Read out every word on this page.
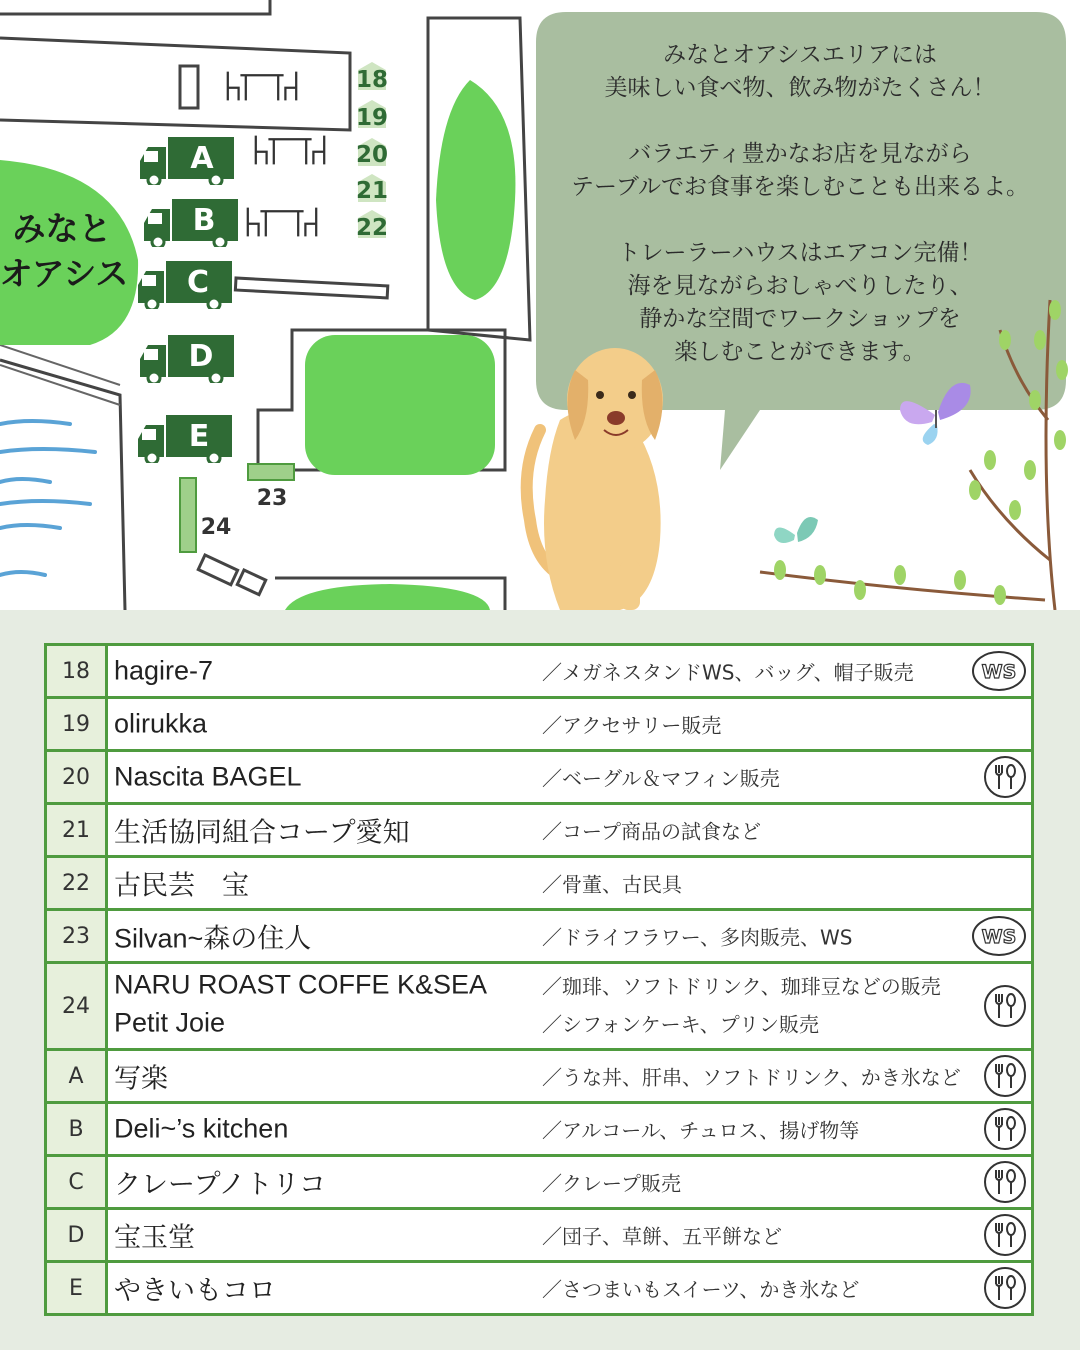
みなと
オアシス
A
B
C
D
E
18
19
20
21
22
23
24
みなとオアシスエリアには
美味しい食べ物、飲み物がたくさん！
バラエティ豊かなお店を見ながら
テーブルでお食事を楽しむことも出来るよ。
トレーラーハウスはエアコン完備！
海を見ながらおしゃべりしたり、
静かな空間でワークショップを
楽しむことができます。
18 hagire-7	／メガネスタンドWS、バッグ、帽子販売	WS
19 olirukka	／アクセサリー販売
20 Nascita BAGEL	／ベーグル＆マフィン販売
21 生活協同組合コープ愛知	／コープ商品の試食など
22 古民芸　宝	／骨董、古民具
23 Silvan~森の住人	／ドライフラワー、多肉販売、WS	WS
24
NARU ROAST COFFE K&SEA	／珈琲、ソフトドリンク、珈琲豆などの販売
Petit Joie	／シフォンケーキ、プリン販売
A	写楽	／うな丼、肝串、ソフトドリンク、かき氷など
B	Deli~’s kitchen	／アルコール、チュロス、揚げ物等
C	クレープノトリコ	／クレープ販売
D	宝玉堂	／団子、草餅、五平餅など
E	やきいもコロ	／さつまいもスイーツ、かき氷など
